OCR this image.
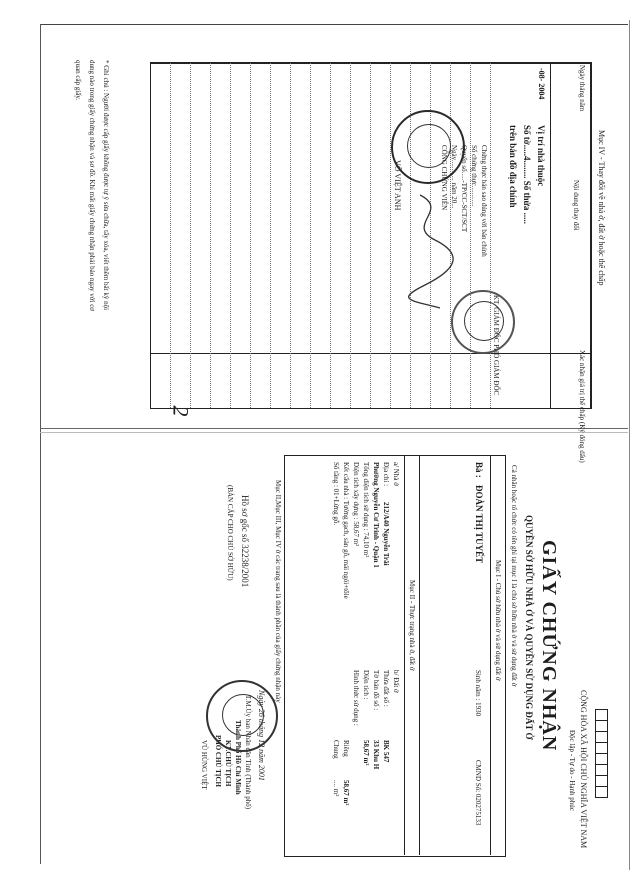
2
Mục IV - Thay đổi về nhà ở, đất ở hoặc thế chấp
Ngày tháng năm
Nội dung thay đổi
Xác nhận giá trị thế chấp (Ký đóng dấu)
-08- 2004
Vị trí nhà thuộc
Số tờ.....4........ Số thửa .....
trên bản đồ địa chính
Chứng thực bản sao đúng với bản chính
Số chứng thực............
Quyển số.....-TP/CC-SCT/SCT
Ngày............ năm 20...
CÔNG CHỨNG VIÊN
VÕ VIỆT ANH
KT. GIÁM ĐỐC PHÓ GIÁM ĐỐC
* Ghi chú : Người được cấp giấy không được tự ý sửa chữa, tẩy xóa, viết thêm bất kỳ nội
dung nào trong giấy chứng nhận và sơ đồ. Khi mất giấy chứng nhận phải báo ngay với cơ
quan cấp giấy.
CỘNG HÒA XÃ HỘI CHỦ NGHĨA VIỆT NAM
Độc lập - Tự do - Hạnh phúc
GIẤY CHỨNG NHẬN
QUYỀN SỞ HỮU NHÀ Ở VÀ QUYỀN SỬ DỤNG ĐẤT Ở
Cá nhân hoặc tổ chức có tên ghi tại mục I là chủ sở hữu nhà ở và sử dụng đất ở
Mục I - Chủ sở hữu nhà ở và sử dụng đất ở
Bà :
ĐOÀN THỊ TUYẾT
Sinh năm : 1930
CMND Số: 020275133
Mục II - Thực trạng nhà ở, đất ở
a/ Nhà ở
Địa chỉ :
212/A40 Nguyễn Trãi
Phường Nguyễn Cư Trinh - Quận 1
Tổng diện tích sử dụng : 74,10 m²
Diện tích xây dựng : 58,67 m²
Kết cấu nhà : Tường gạch, sàn gỗ, mái ngói+tôle
Số tầng : 01+Lửng gỗ.
b/ Đất ở
Thửa đất số :
BK 547
Tờ bản đồ số :
33 Khu H
Diện tích :
58,67 m²
Hình thức sử dụng :
Riêng
58,67 m²
Chung
.... m²
Mục II,Mục III, Mục IV ở các trang sau là thành phần của giấy chứng nhận này
Ngày 26 tháng 12 năm 2001
T.M.Ủy ban Nhân dân Tỉnh (Thành phố)
Thành Phố Hồ Chí Minh
KT.CHỦ TỊCH
PHÓ CHỦ TỊCH
Hồ sơ gốc số 32238/2001
(BẢN CẤP CHO CHỦ SỞ HỮU)
VŨ HÙNG VIỆT
